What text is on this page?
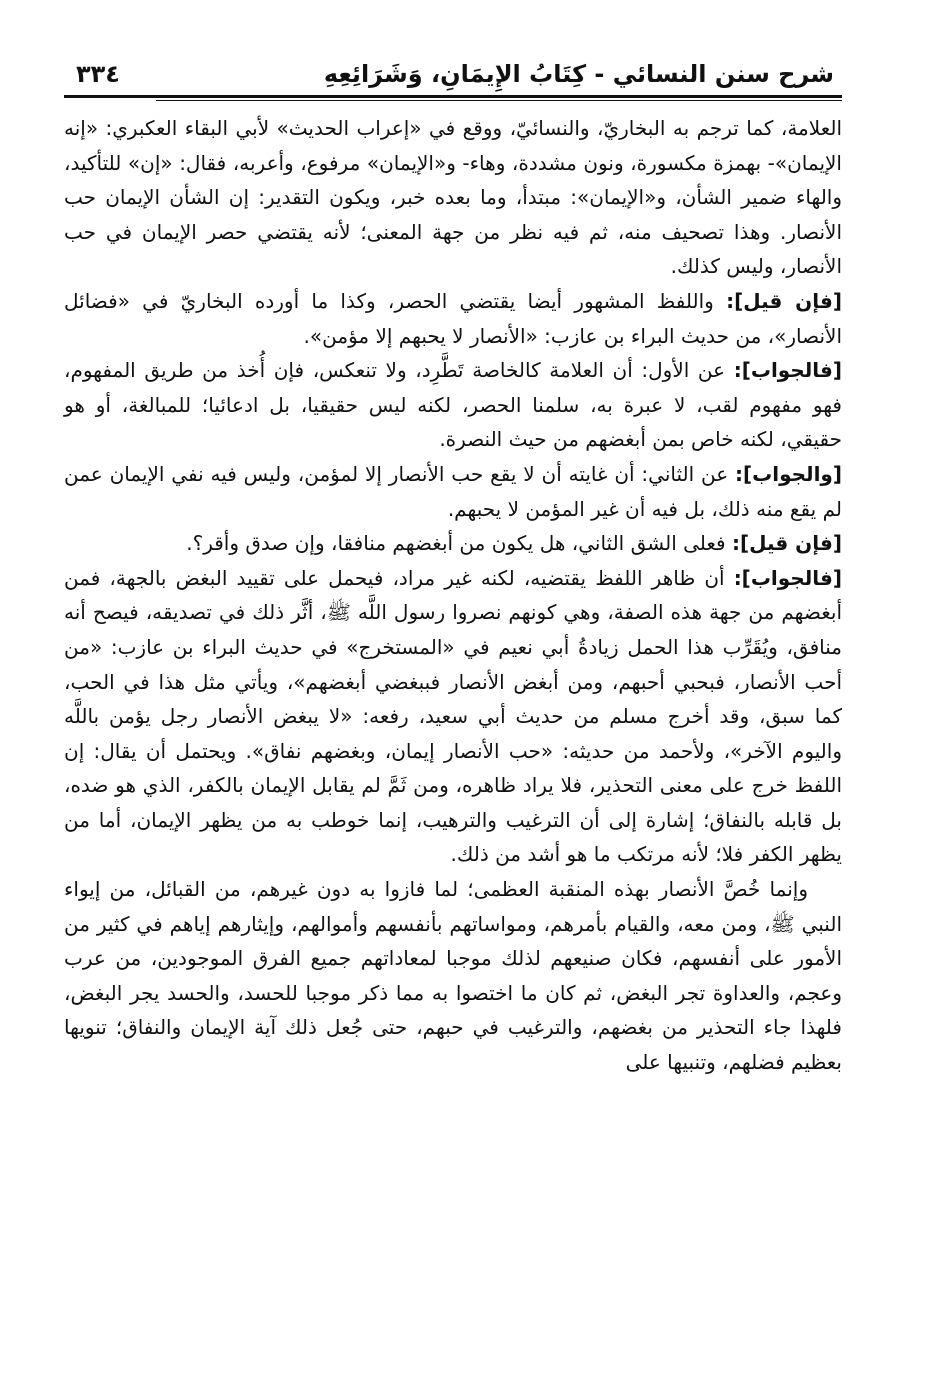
شرح سنن النسائي - كِتَابُ الإِيمَانِ، وَشَرَائِعِهِ
٣٣٤

العلامة، كما ترجم به البخاريّ، والنسائيّ، ووقع في «إعراب الحديث» لأبي البقاء العكبري: «إنه الإيمان»- بهمزة مكسورة، ونون مشددة، وهاء- و«الإيمان» مرفوع، وأعربه، فقال: «إن» للتأكيد، والهاء ضمير الشأن، و«الإيمان»: مبتدأ، وما بعده خبر، ويكون التقدير: إن الشأن الإيمان حب الأنصار. وهذا تصحيف منه، ثم فيه نظر من جهة المعنى؛ لأنه يقتضي حصر الإيمان في حب الأنصار، وليس كذلك.

[فإن قيل]: واللفظ المشهور أيضا يقتضي الحصر، وكذا ما أورده البخاريّ في «فضائل الأنصار»، من حديث البراء بن عازب: «الأنصار لا يحبهم إلا مؤمن».

[فالجواب]: عن الأول: أن العلامة كالخاصة تَطَّرِد، ولا تنعكس، فإن أُخذ من طريق المفهوم، فهو مفهوم لقب، لا عبرة به، سلمنا الحصر، لكنه ليس حقيقيا، بل ادعائيا؛ للمبالغة، أو هو حقيقي، لكنه خاص بمن أبغضهم من حيث النصرة.

[والجواب]: عن الثاني: أن غايته أن لا يقع حب الأنصار إلا لمؤمن، وليس فيه نفي الإيمان عمن لم يقع منه ذلك، بل فيه أن غير المؤمن لا يحبهم.

[فإن قيل]: فعلى الشق الثاني، هل يكون من أبغضهم منافقا، وإن صدق وأقر؟.

[فالجواب]: أن ظاهر اللفظ يقتضيه، لكنه غير مراد، فيحمل على تقييد البغض بالجهة، فمن أبغضهم من جهة هذه الصفة، وهي كونهم نصروا رسول اللَّه ﷺ، أثَّر ذلك في تصديقه، فيصح أنه منافق، ويُقَرِّب هذا الحمل زيادةُ أبي نعيم في «المستخرج» في حديث البراء بن عازب: «من أحب الأنصار، فبحبي أحبهم، ومن أبغض الأنصار فببغضي أبغضهم»، ويأتي مثل هذا في الحب، كما سبق، وقد أخرج مسلم من حديث أبي سعيد، رفعه: «لا يبغض الأنصار رجل يؤمن باللَّه واليوم الآخر»، ولأحمد من حديثه: «حب الأنصار إيمان، وبغضهم نفاق». ويحتمل أن يقال: إن اللفظ خرج على معنى التحذير، فلا يراد ظاهره، ومن ثَمَّ لم يقابل الإيمان بالكفر، الذي هو ضده، بل قابله بالنفاق؛ إشارة إلى أن الترغيب والترهيب، إنما خوطب به من يظهر الإيمان، أما من يظهر الكفر فلا؛ لأنه مرتكب ما هو أشد من ذلك.

وإنما خُصَّ الأنصار بهذه المنقبة العظمى؛ لما فازوا به دون غيرهم، من القبائل، من إيواء النبي ﷺ، ومن معه، والقيام بأمرهم، ومواساتهم بأنفسهم وأموالهم، وإيثارهم إياهم في كثير من الأمور على أنفسهم، فكان صنيعهم لذلك موجبا لمعاداتهم جميع الفرق الموجودين، من عرب وعجم، والعداوة تجر البغض، ثم كان ما اختصوا به مما ذكر موجبا للحسد، والحسد يجر البغض، فلهذا جاء التحذير من بغضهم، والترغيب في حبهم، حتى جُعل ذلك آية الإيمان والنفاق؛ تنويها بعظيم فضلهم، وتنبيها على
